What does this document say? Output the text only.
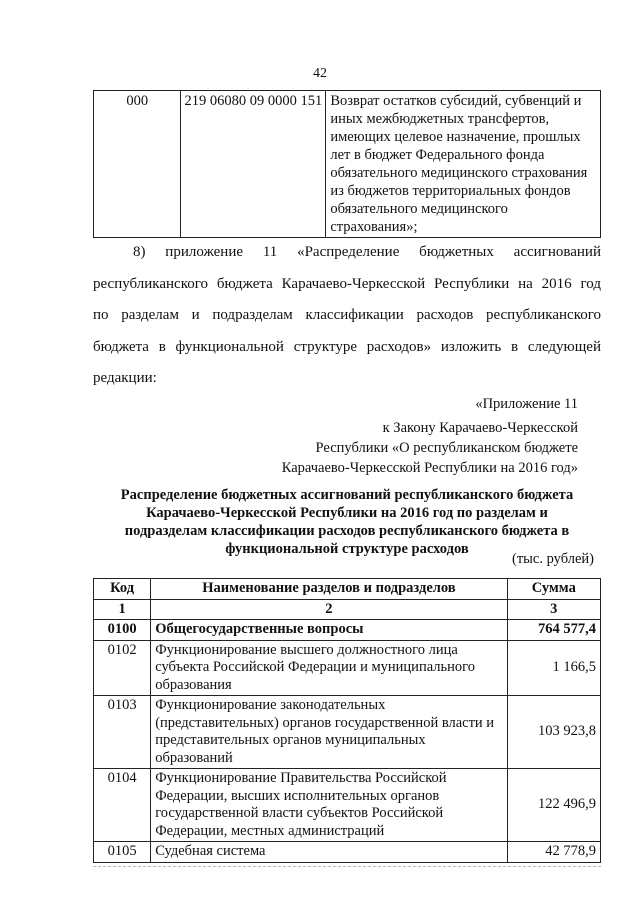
42
000	219 06080 09 0000 151	Возврат остатков субсидий, субвенций и
иных межбюджетных трансфертов,
имеющих целевое назначение, прошлых
лет в бюджет Федерального фонда
обязательного медицинского страхования
из бюджетов территориальных фондов
обязательного медицинского
страхования»;
8) приложение 11 «Распределение бюджетных ассигнований
республиканского бюджета Карачаево-Черкесской Республики на 2016 год
по разделам и подразделам классификации расходов республиканского
бюджета в функциональной структуре расходов» изложить в следующей
редакции:
«Приложение 11
к Закону Карачаево-Черкесской
Республики «О республиканском бюджете
Карачаево-Черкесской Республики на 2016 год»
Распределение бюджетных ассигнований республиканского бюджета
Карачаево-Черкесской Республики на 2016 год по разделам и
подразделам классификации расходов республиканского бюджета в
функциональной структуре расходов
(тыс. рублей)
Код	Наименование разделов и подразделов	Сумма
1	2	3
0100	Общегосударственные вопросы	764 577,4
0102	Функционирование высшего должностного лица
субъекта Российской Федерации и муниципального
образования	1 166,5
0103	Функционирование законодательных
(представительных) органов государственной власти и
представительных органов муниципальных
образований	103 923,8
0104	Функционирование Правительства Российской
Федерации, высших исполнительных органов
государственной власти субъектов Российской
Федерации, местных администраций	122 496,9
0105	Судебная система	42 778,9
